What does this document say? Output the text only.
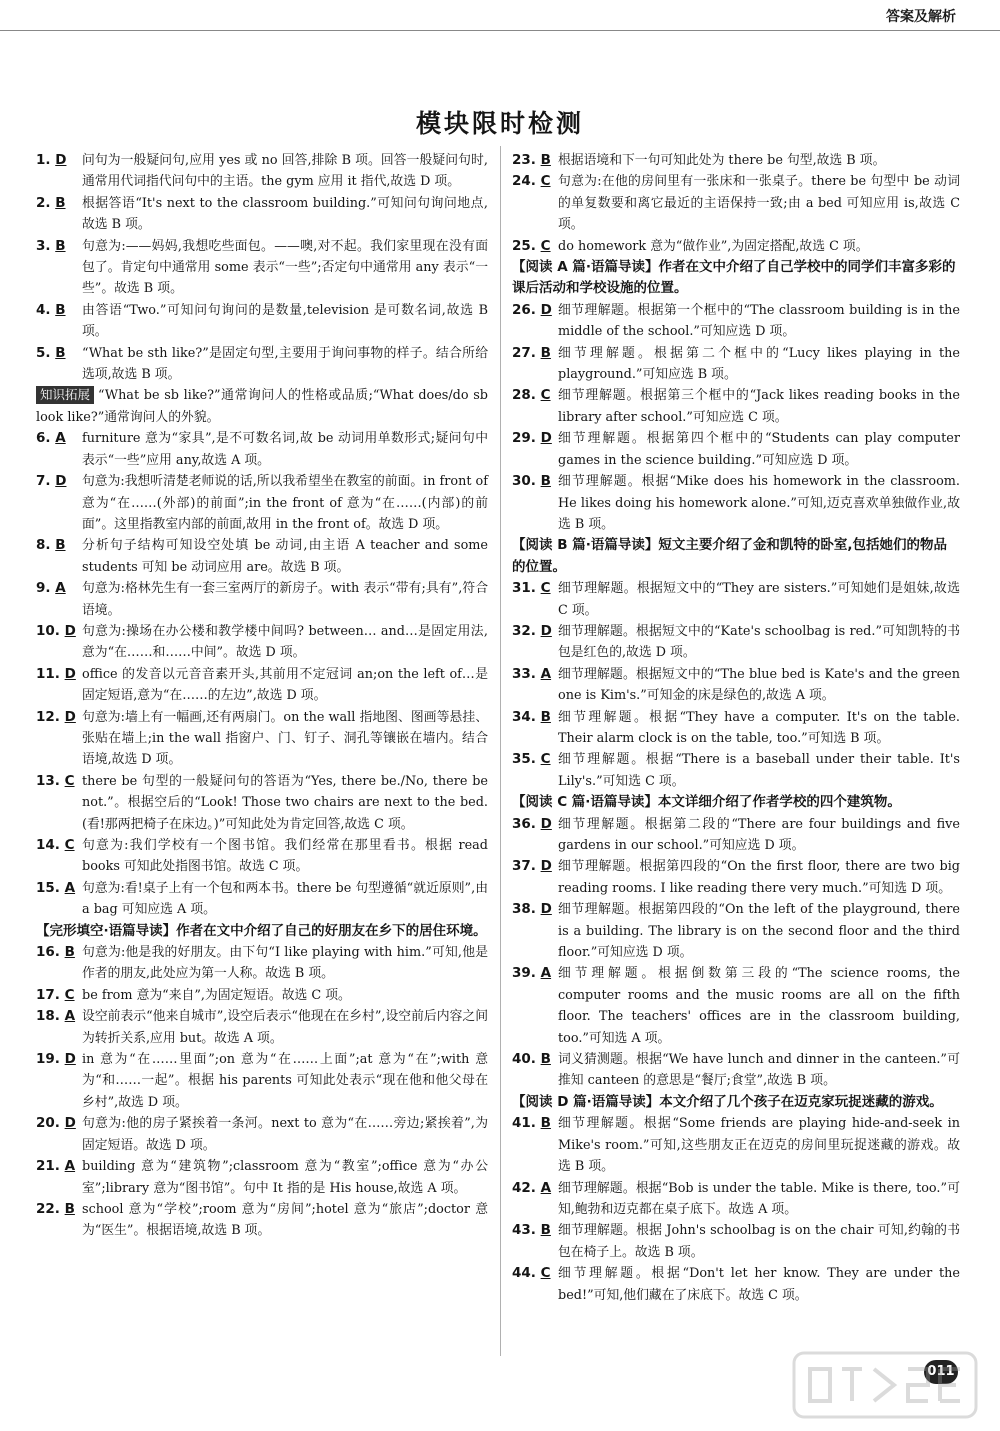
答案及解析
模块限时检测
1. D	问句为一般疑问句,应用 yes 或 no 回答,排除 B 项。回答一般疑问句时,通常用代词指代问句中的主语。the gym 应用 it 指代,故选 D 项。
2. B	根据答语“It's next to the classroom building.”可知问句询问地点,故选 B 项。
3. B	句意为:——妈妈,我想吃些面包。——噢,对不起。我们家里现在没有面包了。肯定句中通常用 some 表示“一些”;否定句中通常用 any 表示“一些”。故选 B 项。
4. B	由答语“Two.”可知问句询问的是数量,television 是可数名词,故选 B 项。
5. B	“What be sth like?”是固定句型,主要用于询问事物的样子。结合所给选项,故选 B 项。
知识拓展 “What be sb like?”通常询问人的性格或品质;“What does/do sb look like?”通常询问人的外貌。
6. A	furniture 意为“家具”,是不可数名词,故 be 动词用单数形式;疑问句中表示“一些”应用 any,故选 A 项。
7. D	句意为:我想听清楚老师说的话,所以我希望坐在教室的前面。in front of 意为“在……(外部)的前面”;in the front of 意为“在……(内部)的前面”。这里指教室内部的前面,故用 in the front of。故选 D 项。
8. B	分析句子结构可知设空处填 be 动词,由主语 A teacher and some students 可知 be 动词应用 are。故选 B 项。
9. A	句意为:格林先生有一套三室两厅的新房子。with 表示“带有;具有”,符合语境。
10. D 句意为:操场在办公楼和教学楼中间吗? between… and…是固定用法,意为“在……和……中间”。故选 D 项。
11. D office 的发音以元音音素开头,其前用不定冠词 an;on the left of…是固定短语,意为“在……的左边”,故选 D 项。
12. D 句意为:墙上有一幅画,还有两扇门。on the wall 指地图、图画等悬挂、张贴在墙上;in the wall 指窗户、门、钉子、洞孔等镶嵌在墙内。结合语境,故选 D 项。
13. C there be 句型的一般疑问句的答语为“Yes, there be./No, there be not.”。根据空后的“Look! Those two chairs are next to the bed.(看!那两把椅子在床边。)”可知此处为肯定回答,故选 C 项。
14. C 句意为:我们学校有一个图书馆。我们经常在那里看书。根据 read books 可知此处指图书馆。故选 C 项。
15. A 句意为:看!桌子上有一个包和两本书。there be 句型遵循“就近原则”,由 a bag 可知应选 A 项。
【完形填空·语篇导读】作者在文中介绍了自己的好朋友在乡下的居住环境。
16. B 句意为:他是我的好朋友。由下句“I like playing with him.”可知,他是作者的朋友,此处应为第一人称。故选 B 项。
17. C be from 意为“来自”,为固定短语。故选 C 项。
18. A 设空前表示“他来自城市”,设空后表示“他现在在乡村”,设空前后内容之间为转折关系,应用 but。故选 A 项。
19. D in 意为“在……里面”;on 意为“在……上面”;at 意为“在”;with 意为“和……一起”。根据 his parents 可知此处表示“现在他和他父母在乡村”,故选 D 项。
20. D 句意为:他的房子紧挨着一条河。next to 意为“在……旁边;紧挨着”,为固定短语。故选 D 项。
21. A building 意为“建筑物”;classroom 意为“教室”;office 意为“办公室”;library 意为“图书馆”。句中 It 指的是 His house,故选 A 项。
22. B school 意为“学校”;room 意为“房间”;hotel 意为“旅店”;doctor 意为“医生”。根据语境,故选 B 项。
23. B 根据语境和下一句可知此处为 there be 句型,故选 B 项。
24. C 句意为:在他的房间里有一张床和一张桌子。there be 句型中 be 动词的单复数要和离它最近的主语保持一致;由 a bed 可知应用 is,故选 C 项。
25. C do homework 意为“做作业”,为固定搭配,故选 C 项。
【阅读 A 篇·语篇导读】作者在文中介绍了自己学校中的同学们丰富多彩的课后活动和学校设施的位置。
26. D 细节理解题。根据第一个框中的“The classroom building is in the middle of the school.”可知应选 D 项。
27. B 细节理解题。根据第二个框中的“Lucy likes playing in the playground.”可知应选 B 项。
28. C 细节理解题。根据第三个框中的“Jack likes reading books in the library after school.”可知应选 C 项。
29. D 细节理解题。根据第四个框中的“Students can play computer games in the science building.”可知应选 D 项。
30. B 细节理解题。根据“Mike does his homework in the classroom. He likes doing his homework alone.”可知,迈克喜欢单独做作业,故选 B 项。
【阅读 B 篇·语篇导读】短文主要介绍了金和凯特的卧室,包括她们的物品的位置。
31. C 细节理解题。根据短文中的“They are sisters.”可知她们是姐妹,故选 C 项。
32. D 细节理解题。根据短文中的“Kate's schoolbag is red.”可知凯特的书包是红色的,故选 D 项。
33. A 细节理解题。根据短文中的“The blue bed is Kate's and the green one is Kim's.”可知金的床是绿色的,故选 A 项。
34. B 细节理解题。根据“They have a computer. It's on the table. Their alarm clock is on the table, too.”可知选 B 项。
35. C 细节理解题。根据“There is a baseball under their table. It's Lily's.”可知选 C 项。
【阅读 C 篇·语篇导读】本文详细介绍了作者学校的四个建筑物。
36. D 细节理解题。根据第二段的“There are four buildings and five gardens in our school.”可知应选 D 项。
37. D 细节理解题。根据第四段的“On the first floor, there are two big reading rooms. I like reading there very much.”可知选 D 项。
38. D 细节理解题。根据第四段的“On the left of the playground, there is a building. The library is on the second floor and the third floor.”可知应选 D 项。
39. A 细节理解题。根据倒数第三段的“The science rooms, the computer rooms and the music rooms are all on the fifth floor. The teachers' offices are in the classroom building, too.”可知选 A 项。
40. B 词义猜测题。根据“We have lunch and dinner in the canteen.”可推知 canteen 的意思是“餐厅;食堂”,故选 B 项。
【阅读 D 篇·语篇导读】本文介绍了几个孩子在迈克家玩捉迷藏的游戏。
41. B 细节理解题。根据“Some friends are playing hide-and-seek in Mike's room.”可知,这些朋友正在迈克的房间里玩捉迷藏的游戏。故选 B 项。
42. A 细节理解题。根据“Bob is under the table. Mike is there, too.”可知,鲍勃和迈克都在桌子底下。故选 A 项。
43. B 细节理解题。根据 John's schoolbag is on the chair 可知,约翰的书包在椅子上。故选 B 项。
44. C 细节理解题。根据“Don't let her know. They are under the bed!”可知,他们藏在了床底下。故选 C 项。
011
